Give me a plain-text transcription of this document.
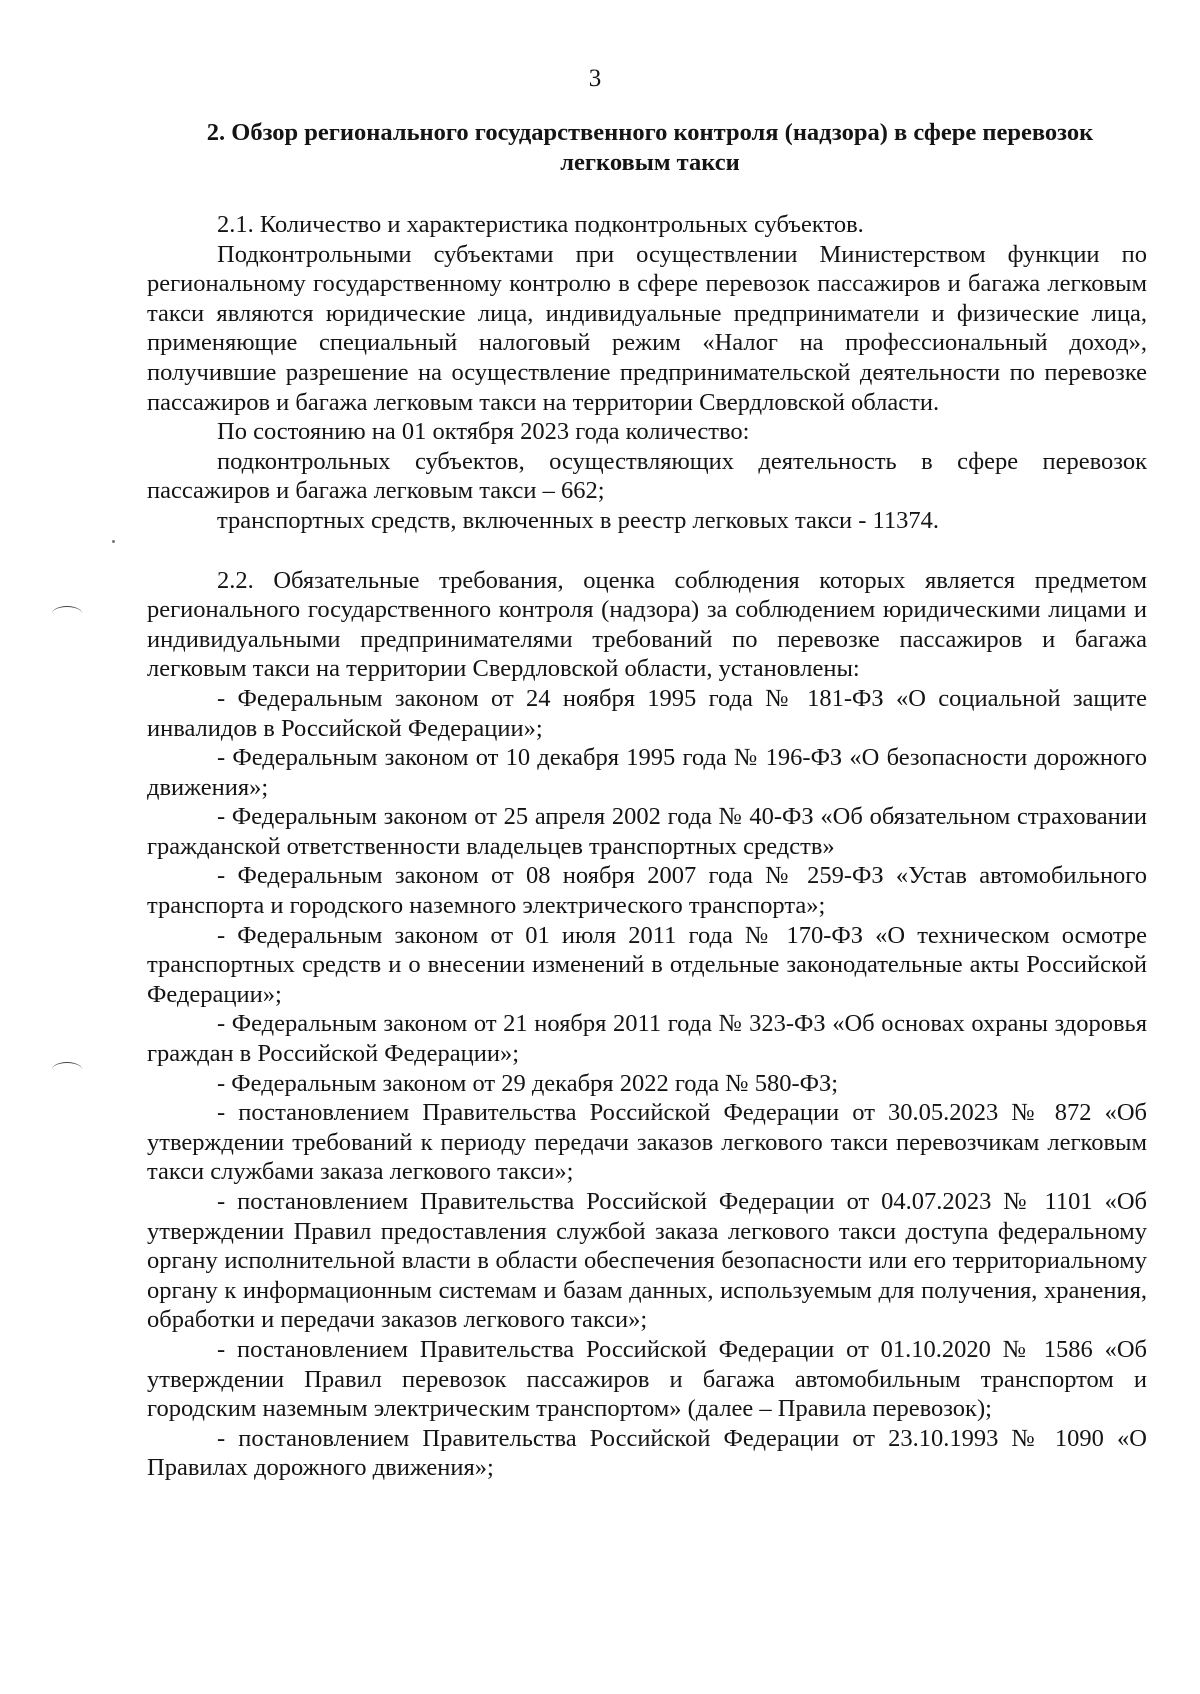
3
2. Обзор регионального государственного контроля (надзора) в сфере перевозок легковым такси

2.1. Количество и характеристика подконтрольных субъектов.

Подконтрольными субъектами при осуществлении Министерством функции по региональному государственному контролю в сфере перевозок пассажиров и багажа легковым такси являются юридические лица, индивидуальные предприниматели и физические лица, применяющие специальный налоговый режим «Налог на профессиональный доход», получившие разрешение на осуществление предпринимательской деятельности по перевозке пассажиров и багажа легковым такси на территории Свердловской области.

По состоянию на 01 октября 2023 года количество:

подконтрольных субъектов, осуществляющих деятельность в сфере перевозок пассажиров и багажа легковым такси – 662;

транспортных средств, включенных в реестр легковых такси - 11374.

2.2. Обязательные требования, оценка соблюдения которых является предметом регионального государственного контроля (надзора) за соблюдением юридическими лицами и индивидуальными предпринимателями требований по перевозке пассажиров и багажа легковым такси на территории Свердловской области, установлены:

- Федеральным законом от 24 ноября 1995 года № 181-ФЗ «О социальной защите инвалидов в Российской Федерации»;

- Федеральным законом от 10 декабря 1995 года № 196-ФЗ «О безопасности дорожного движения»;

- Федеральным законом от 25 апреля 2002 года № 40-ФЗ «Об обязательном страховании гражданской ответственности владельцев транспортных средств»

- Федеральным законом от 08 ноября 2007 года № 259-ФЗ «Устав автомобильного транспорта и городского наземного электрического транспорта»;

- Федеральным законом от 01 июля 2011 года № 170-ФЗ «О техническом осмотре транспортных средств и о внесении изменений в отдельные законодательные акты Российской Федерации»;

- Федеральным законом от 21 ноября 2011 года № 323-ФЗ «Об основах охраны здоровья граждан в Российской Федерации»;

- Федеральным законом от 29 декабря 2022 года № 580-ФЗ;

- постановлением Правительства Российской Федерации от 30.05.2023 № 872 «Об утверждении требований к периоду передачи заказов легкового такси перевозчикам легковым такси службами заказа легкового такси»;

- постановлением Правительства Российской Федерации от 04.07.2023 № 1101 «Об утверждении Правил предоставления службой заказа легкового такси доступа федеральному органу исполнительной власти в области обеспечения безопасности или его территориальному органу к информационным системам и базам данных, используемым для получения, хранения, обработки и передачи заказов легкового такси»;

- постановлением Правительства Российской Федерации от 01.10.2020 № 1586 «Об утверждении Правил перевозок пассажиров и багажа автомобильным транспортом и городским наземным электрическим транспортом» (далее – Правила перевозок);

- постановлением Правительства Российской Федерации от 23.10.1993 № 1090 «О Правилах дорожного движения»;
